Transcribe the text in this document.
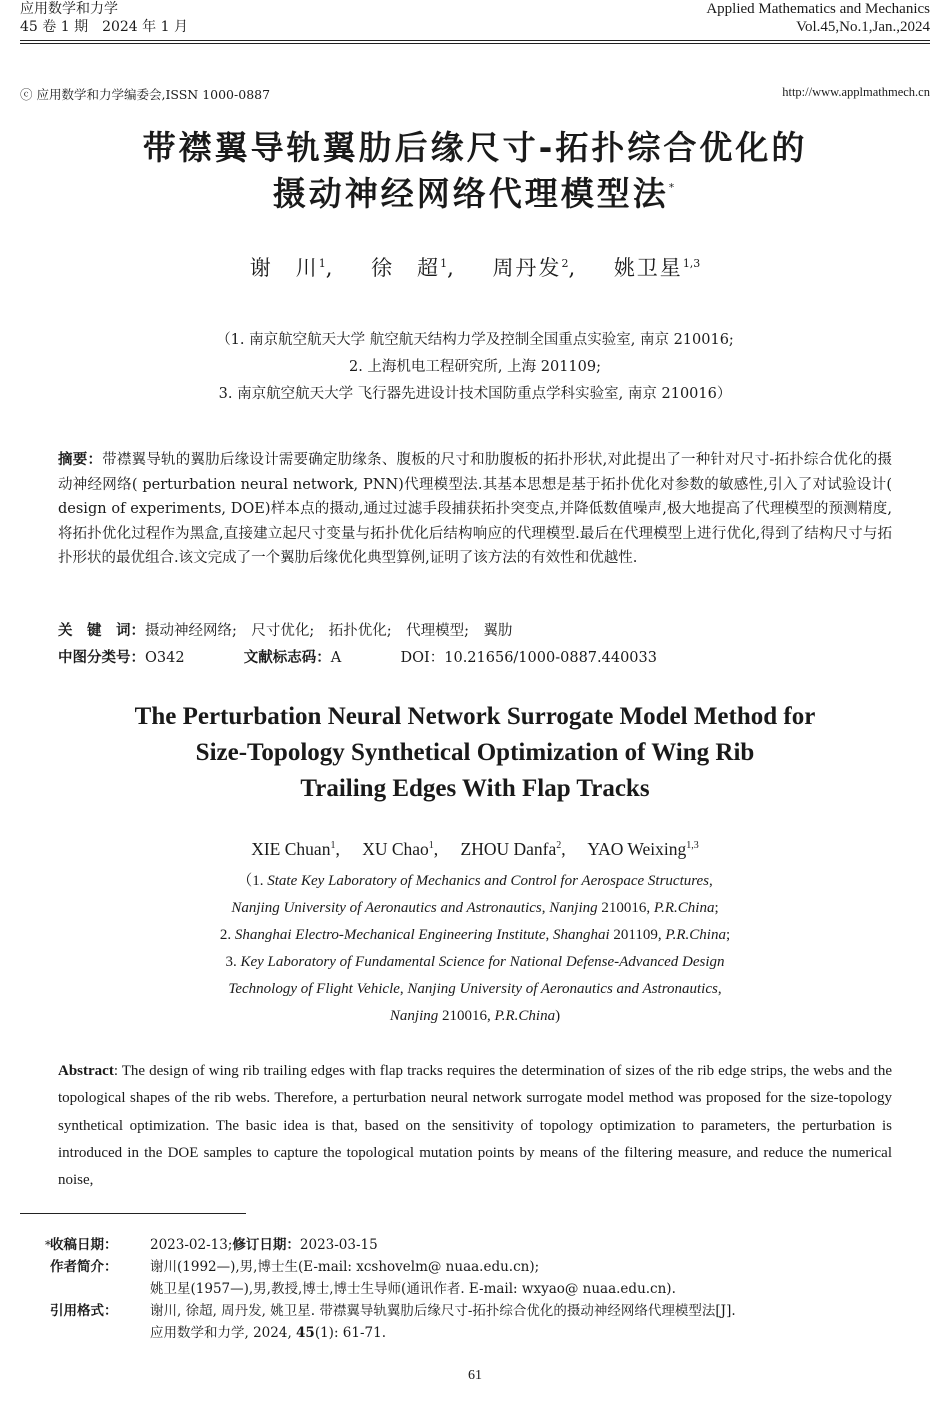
应用数学和力学
45 卷 1 期　2024 年 1 月
Applied Mathematics and Mechanics
Vol.45,No.1,Jan.,2024
ⓒ 应用数学和力学编委会,ISSN 1000-0887	http://www.applmathmech.cn
带襟翼导轨翼肋后缘尺寸-拓扑综合优化的
摄动神经网络代理模型法*
谢　川$^1$, 徐　超$^1$, 周丹发$^2$, 姚卫星$^{1,3}$
（1. 南京航空航天大学 航空航天结构力学及控制全国重点实验室, 南京 210016;
2. 上海机电工程研究所, 上海 201109;
3. 南京航空航天大学 飞行器先进设计技术国防重点学科实验室, 南京 210016）
摘要：带襟翼导轨的翼肋后缘设计需要确定肋缘条、腹板的尺寸和肋腹板的拓扑形状,对此提出了一种针对尺寸-拓扑综合优化的摄动神经网络( perturbation neural network, PNN)代理模型法.其基本思想是基于拓扑优化对参数的敏感性,引入了对试验设计( design of experiments, DOE)样本点的摄动,通过过滤手段捕获拓扑突变点,并降低数值噪声,极大地提高了代理模型的预测精度,将拓扑优化过程作为黑盒,直接建立起尺寸变量与拓扑优化后结构响应的代理模型.最后在代理模型上进行优化,得到了结构尺寸与拓扑形状的最优组合.该文完成了一个翼肋后缘优化典型算例,证明了该方法的有效性和优越性.
关　键　词：摄动神经网络;　尺寸优化;　拓扑优化;　代理模型;　翼肋
中图分类号：O342	文献标志码：A	DOI：10.21656/1000-0887.440033
The Perturbation Neural Network Surrogate Model Method for
Size-Topology Synthetical Optimization of Wing Rib
Trailing Edges With Flap Tracks
XIE Chuan$^1$, XU Chao$^1$, ZHOU Danfa$^2$, YAO Weixing$^{1,3}$
（1. State Key Laboratory of Mechanics and Control for Aerospace Structures,
Nanjing University of Aeronautics and Astronautics, Nanjing 210016, P.R.China;
2. Shanghai Electro-Mechanical Engineering Institute, Shanghai 201109, P.R.China;
3. Key Laboratory of Fundamental Science for National Defense-Advanced Design
Technology of Flight Vehicle, Nanjing University of Aeronautics and Astronautics,
Nanjing 210016, P.R.China)
Abstract: The design of wing rib trailing edges with flap tracks requires the determination of sizes of the rib edge strips, the webs and the topological shapes of the rib webs. Therefore, a perturbation neural network surrogate model method was proposed for the size-topology synthetical optimization. The basic idea is that, based on the sensitivity of topology optimization to parameters, the perturbation is introduced in the DOE samples to capture the topological mutation points by means of the filtering measure, and reduce the numerical noise,
* 收稿日期：	2023-02-13;修订日期：2023-03-15
作者简介：	谢川(1992—),男,博士生(E-mail: xcshovelm@ nuaa.edu.cn);
姚卫星(1957—),男,教授,博士,博士生导师(通讯作者. E-mail: wxyao@ nuaa.edu.cn).
引用格式：	谢川, 徐超, 周丹发, 姚卫星. 带襟翼导轨翼肋后缘尺寸-拓扑综合优化的摄动神经网络代理模型法[J].
应用数学和力学, 2024, 45(1): 61-71.
61
